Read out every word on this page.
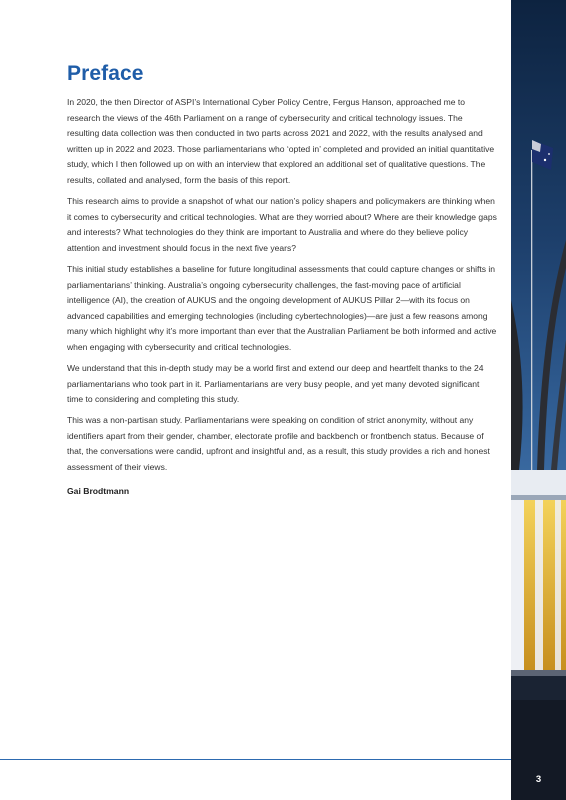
Preface

In 2020, the then Director of ASPI’s International Cyber Policy Centre, Fergus Hanson, approached me to research the views of the 46th Parliament on a range of cybersecurity and critical technology issues. The resulting data collection was then conducted in two parts across 2021 and 2022, with the results analysed and written up in 2022 and 2023. Those parliamentarians who ‘opted in’ completed and provided an initial quantitative study, which I then followed up on with an interview that explored an additional set of qualitative questions. The results, collated and analysed, form the basis of this report.

This research aims to provide a snapshot of what our nation’s policy shapers and policymakers are thinking when it comes to cybersecurity and critical technologies. What are they worried about? Where are their knowledge gaps and interests? What technologies do they think are important to Australia and where do they believe policy attention and investment should focus in the next five years?

This initial study establishes a baseline for future longitudinal assessments that could capture changes or shifts in parliamentarians’ thinking. Australia’s ongoing cybersecurity challenges, the fast-moving pace of artificial intelligence (AI), the creation of AUKUS and the ongoing development of AUKUS Pillar 2—with its focus on advanced capabilities and emerging technologies (including cybertechnologies)—are just a few reasons among many which highlight why it’s more important than ever that the Australian Parliament be both informed and active when engaging with cybersecurity and critical technologies.

We understand that this in-depth study may be a world first and extend our deep and heartfelt thanks to the 24 parliamentarians who took part in it. Parliamentarians are very busy people, and yet many devoted significant time to considering and completing this study.

This was a non-partisan study. Parliamentarians were speaking on condition of strict anonymity, without any identifiers apart from their gender, chamber, electorate profile and backbench or frontbench status. Because of that, the conversations were candid, upfront and insightful and, as a result, this study provides a rich and honest assessment of their views.

Gai Brodtmann
3
